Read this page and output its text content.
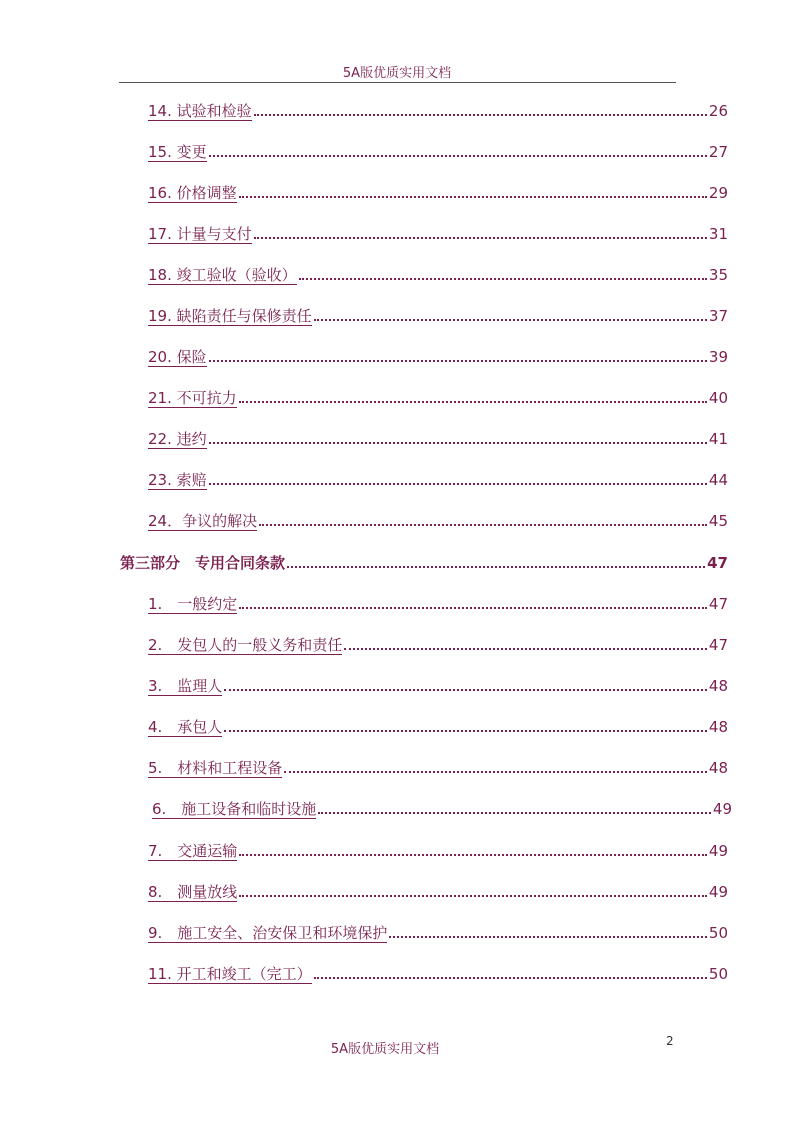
5A版优质实用文档
14. 试验和检验	26
15. 变更	27
16. 价格调整	29
17. 计量与支付	31
18. 竣工验收（验收）	35
19. 缺陷责任与保修责任	37
20. 保险	39
21. 不可抗力	40
22. 违约	41
23. 索赔	44
24．争议的解决	45
第三部分　专用合同条款	47
1.　一般约定	47
2.　发包人的一般义务和责任	47
3.　监理人	48
4.　承包人	48
5.　材料和工程设备	48
6.　施工设备和临时设施	49
7.　交通运输	49
8.　测量放线	49
9.　施工安全、治安保卫和环境保护	50
11. 开工和竣工（完工）	50
2
5A版优质实用文档
